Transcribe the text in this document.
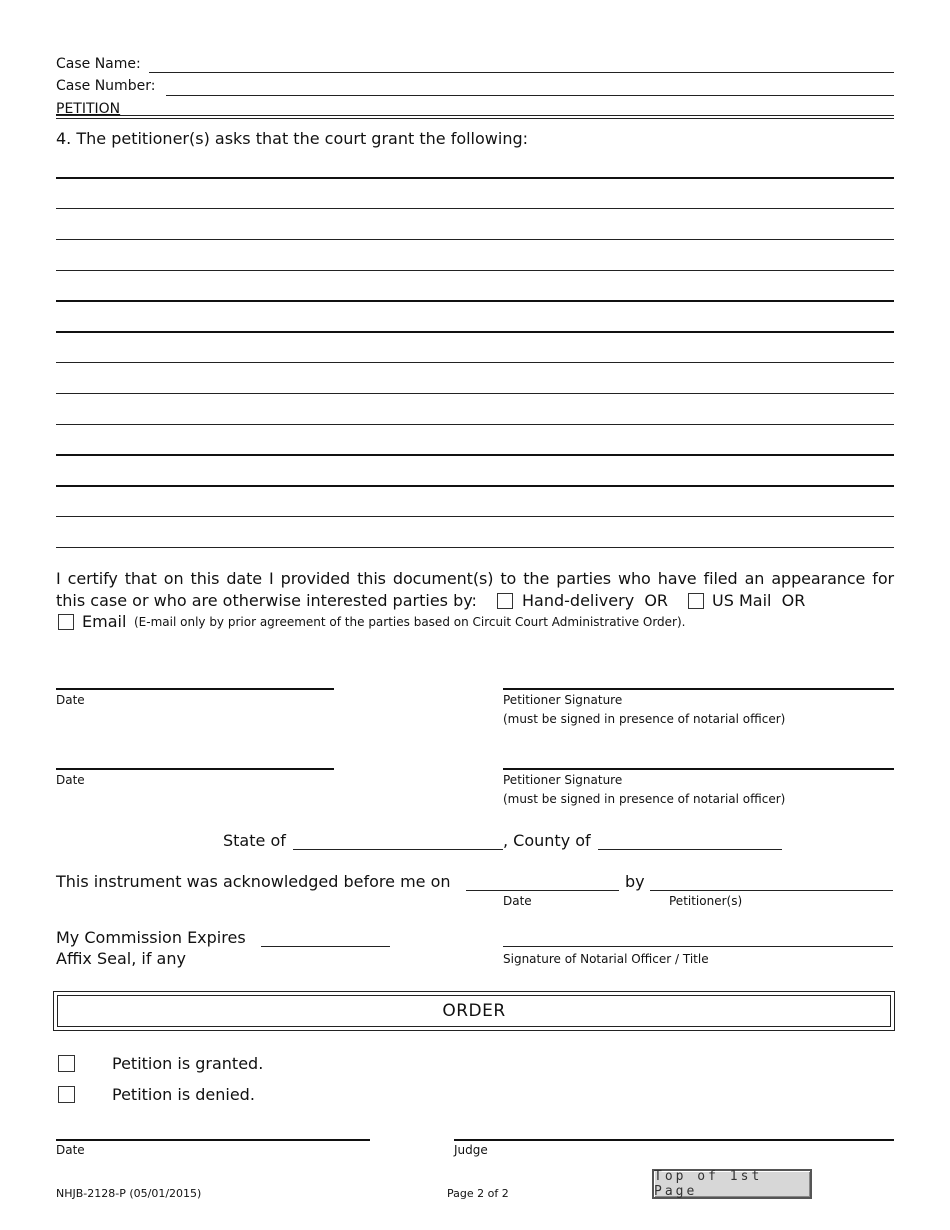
Case Name:
Case Number:
PETITION
4. The petitioner(s) asks that the court grant the following:
I certify that on this date I provided this document(s) to the parties who have filed an appearance for
this case or who are otherwise interested parties by:	Hand-delivery  OR	US Mail  OR
Email (E-mail only by prior agreement of the parties based on Circuit Court Administrative Order).
Date	Petitioner Signature
(must be signed in presence of notarial officer)
Date	Petitioner Signature
(must be signed in presence of notarial officer)
State of	, County of
This instrument was acknowledged before me on	by
Date	Petitioner(s)
My Commission Expires
Affix Seal, if any	Signature of Notarial Officer / Title
ORDER
Petition is granted.
Petition is denied.
Date	Judge
NHJB-2128-P (05/01/2015)	Page 2 of 2
Top of 1st Page
